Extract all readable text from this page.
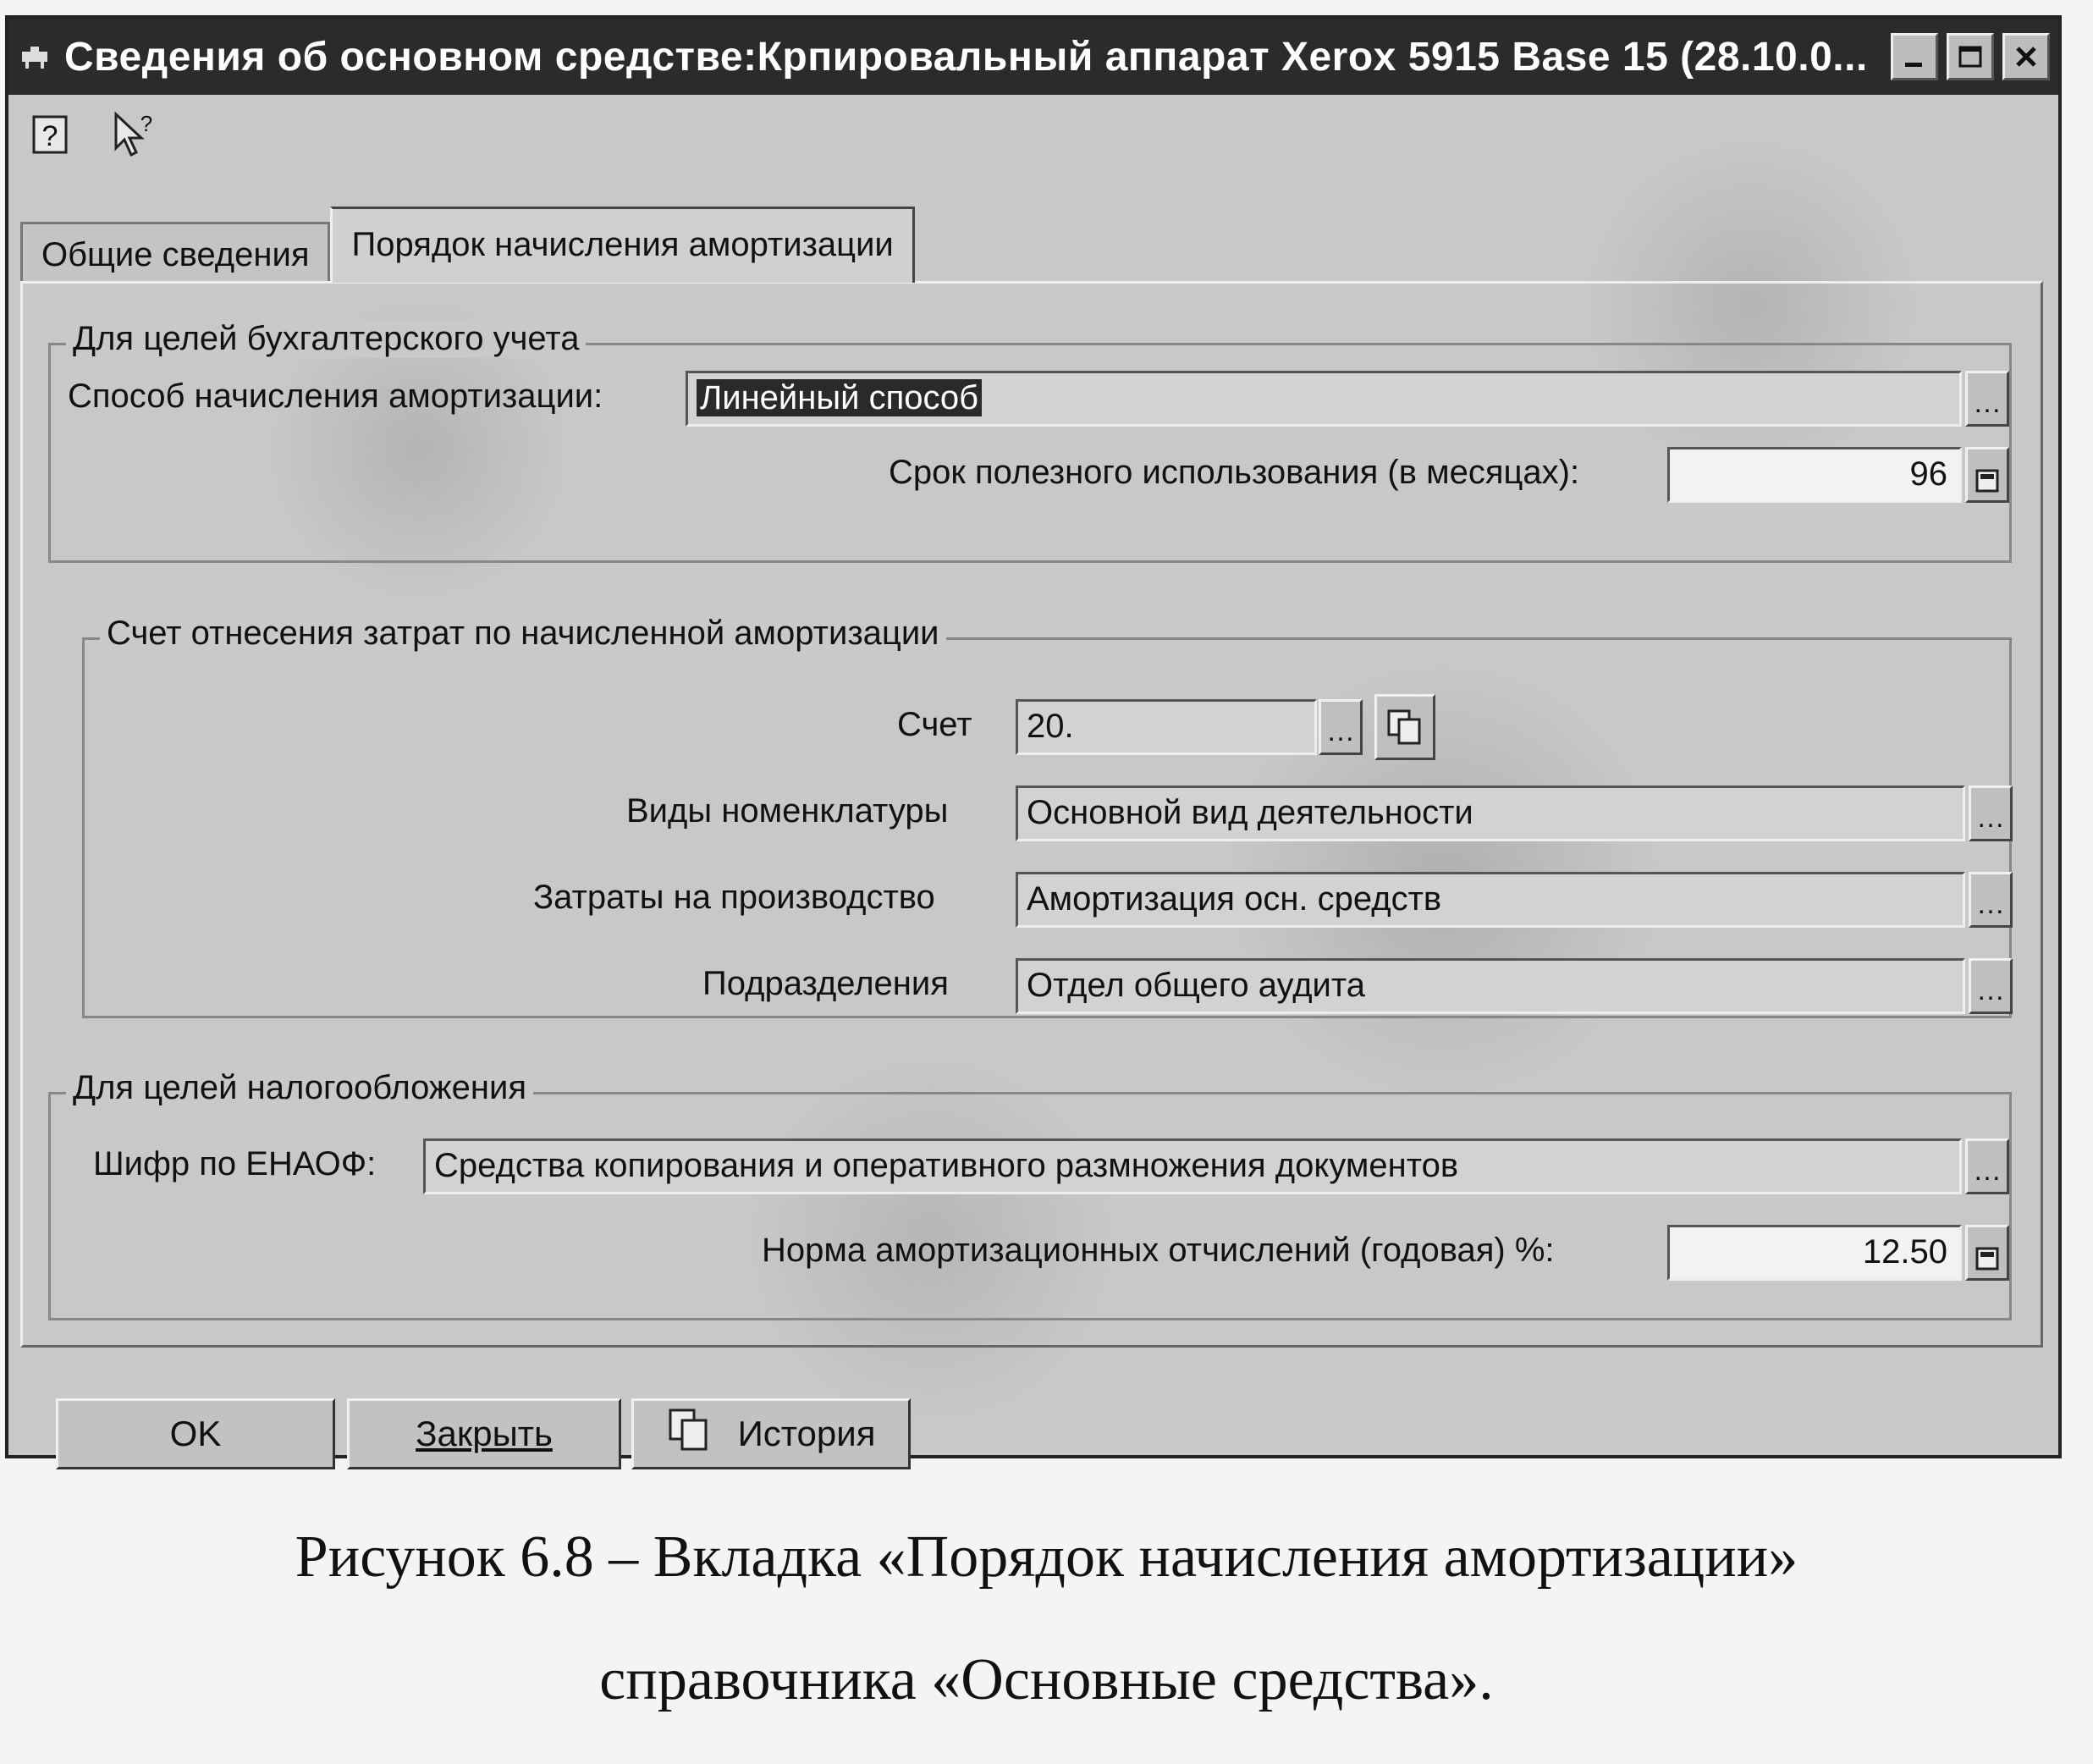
Сведения об основном средстве:Крпировальный аппарат Xerox 5915 Base 15 (28.10.0...
?	?
Общие сведения	Порядок начисления амортизации
Для целей бухгалтерского учета
Способ начисления амортизации:	Линейный способ	…
Срок полезного использования (в месяцах):	96
Счет отнесения затрат по начисленной амортизации
Счет	20.	…
Виды номенклатуры	Основной вид деятельности	…
Затраты на производство	Амортизация осн. средств	…
Подразделения	Отдел общего аудита	…
Для целей налогообложения
Шифр по ЕНАОФ:	Средства копирования и оперативного размножения документов	…
Норма амортизационных отчислений (годовая) %:	12.50
OK	Закрыть	История
Рисунок 6.8 – Вкладка «Порядок начисления амортизации»
справочника «Основные средства».
